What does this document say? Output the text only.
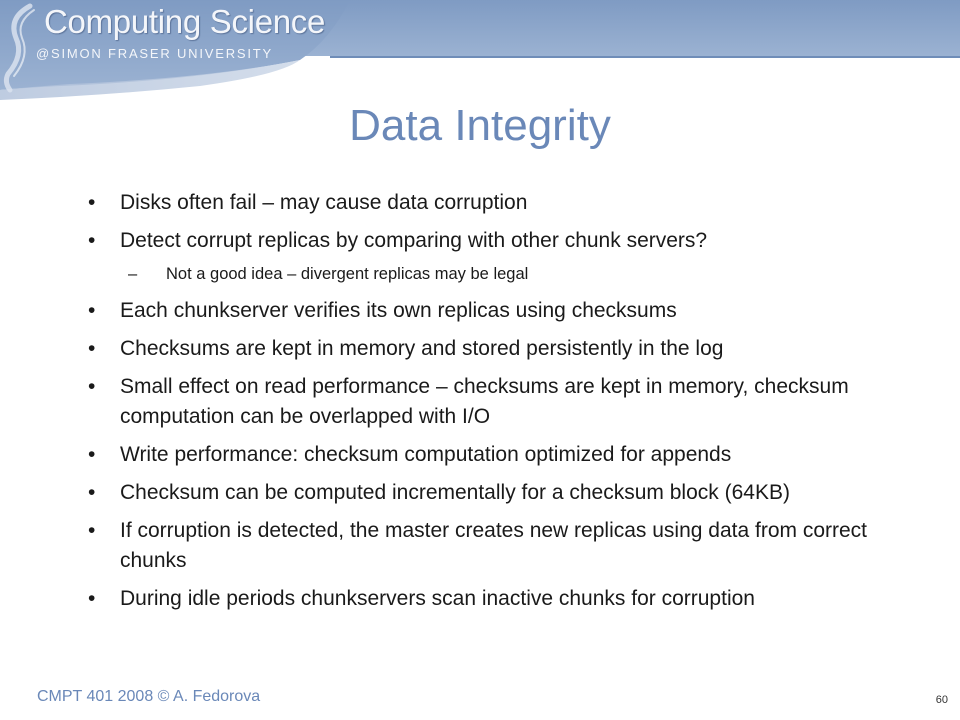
Computing Science
@SIMON FRASER UNIVERSITY
Data Integrity
•	Disks often fail – may cause data corruption
•	Detect corrupt replicas by comparing with other chunk servers?
– Not a good idea – divergent replicas may be legal
•	Each chunkserver verifies its own replicas using checksums
•	Checksums are kept in memory and stored persistently in the log
•	Small effect on read performance – checksums are kept in memory, checksum computation can be overlapped with I/O
•	Write performance: checksum computation optimized for appends
•	Checksum can be computed incrementally for a checksum block (64KB)
•	If corruption is detected, the master creates new replicas using data from correct chunks
•	During idle periods chunkservers scan inactive chunks for corruption
CMPT 401 2008 © A. Fedorova	60
